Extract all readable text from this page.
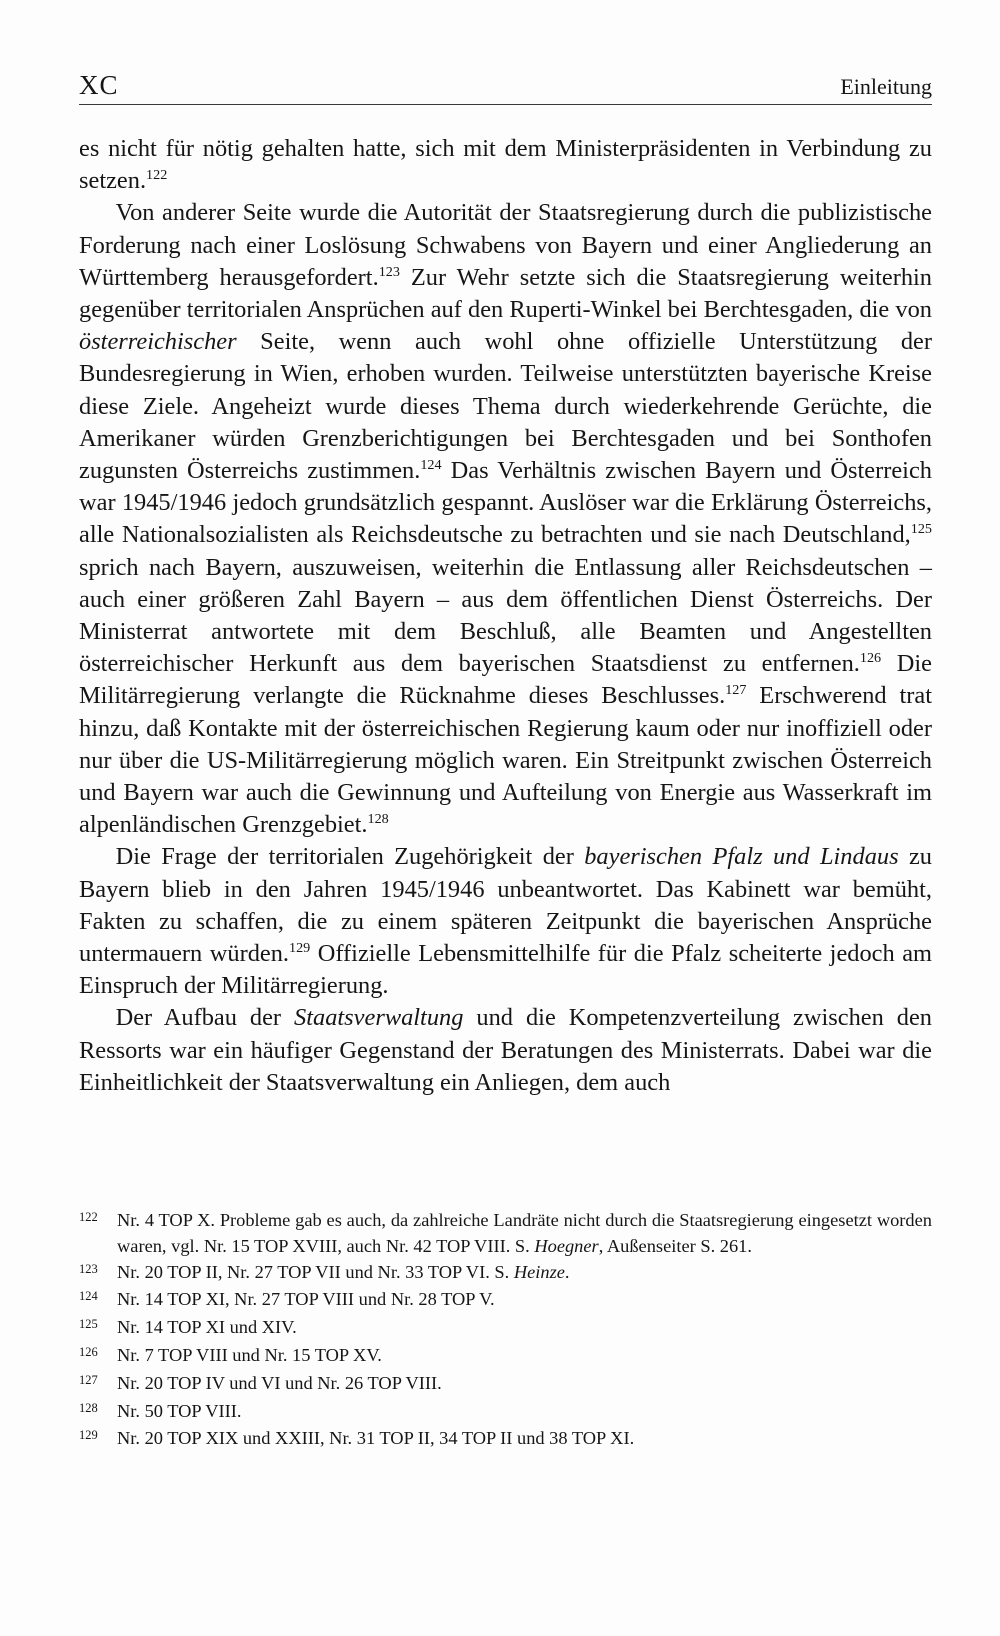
XC	Einleitung

es nicht für nötig gehalten hatte, sich mit dem Ministerpräsidenten in Verbindung zu setzen.$^{122}$

Von anderer Seite wurde die Autorität der Staatsregierung durch die publizistische Forderung nach einer Loslösung Schwabens von Bayern und einer Angliederung an Württemberg herausgefordert.$^{123}$ Zur Wehr setzte sich die Staatsregierung weiterhin gegenüber territorialen Ansprüchen auf den Ruperti-Winkel bei Berchtesgaden, die von österreichischer Seite, wenn auch wohl ohne offizielle Unterstützung der Bundesregierung in Wien, erhoben wurden. Teilweise unterstützten bayerische Kreise diese Ziele. Angeheizt wurde dieses Thema durch wiederkehrende Gerüchte, die Amerikaner würden Grenzberichtigungen bei Berchtesgaden und bei Sonthofen zugunsten Österreichs zustimmen.$^{124}$ Das Verhältnis zwischen Bayern und Österreich war 1945/1946 jedoch grundsätzlich gespannt. Auslöser war die Erklärung Österreichs, alle Nationalsozialisten als Reichsdeutsche zu betrachten und sie nach Deutschland,$^{125}$ sprich nach Bayern, auszuweisen, weiterhin die Entlassung aller Reichsdeutschen – auch einer größeren Zahl Bayern – aus dem öffentlichen Dienst Österreichs. Der Ministerrat antwortete mit dem Beschluß, alle Beamten und Angestellten österreichischer Herkunft aus dem bayerischen Staatsdienst zu entfernen.$^{126}$ Die Militärregierung verlangte die Rücknahme dieses Beschlusses.$^{127}$ Erschwerend trat hinzu, daß Kontakte mit der österreichischen Regierung kaum oder nur inoffiziell oder nur über die US-Militärregierung möglich waren. Ein Streitpunkt zwischen Österreich und Bayern war auch die Gewinnung und Aufteilung von Energie aus Wasserkraft im alpenländischen Grenzgebiet.$^{128}$

Die Frage der territorialen Zugehörigkeit der bayerischen Pfalz und Lindaus zu Bayern blieb in den Jahren 1945/1946 unbeantwortet. Das Kabinett war bemüht, Fakten zu schaffen, die zu einem späteren Zeitpunkt die bayerischen Ansprüche untermauern würden.$^{129}$ Offizielle Lebensmittelhilfe für die Pfalz scheiterte jedoch am Einspruch der Militärregierung.

Der Aufbau der Staatsverwaltung und die Kompetenzverteilung zwischen den Ressorts war ein häufiger Gegenstand der Beratungen des Ministerrats. Dabei war die Einheitlichkeit der Staatsverwaltung ein Anliegen, dem auch

122	Nr. 4 TOP X. Probleme gab es auch, da zahlreiche Landräte nicht durch die Staatsregierung eingesetzt worden waren, vgl. Nr. 15 TOP XVIII, auch Nr. 42 TOP VIII. S. Hoegner, Außenseiter S. 261.
123	Nr. 20 TOP II, Nr. 27 TOP VII und Nr. 33 TOP VI. S. Heinze.
124	Nr. 14 TOP XI, Nr. 27 TOP VIII und Nr. 28 TOP V.
125	Nr. 14 TOP XI und XIV.
126	Nr. 7 TOP VIII und Nr. 15 TOP XV.
127	Nr. 20 TOP IV und VI und Nr. 26 TOP VIII.
128	Nr. 50 TOP VIII.
129	Nr. 20 TOP XIX und XXIII, Nr. 31 TOP II, 34 TOP II und 38 TOP XI.
